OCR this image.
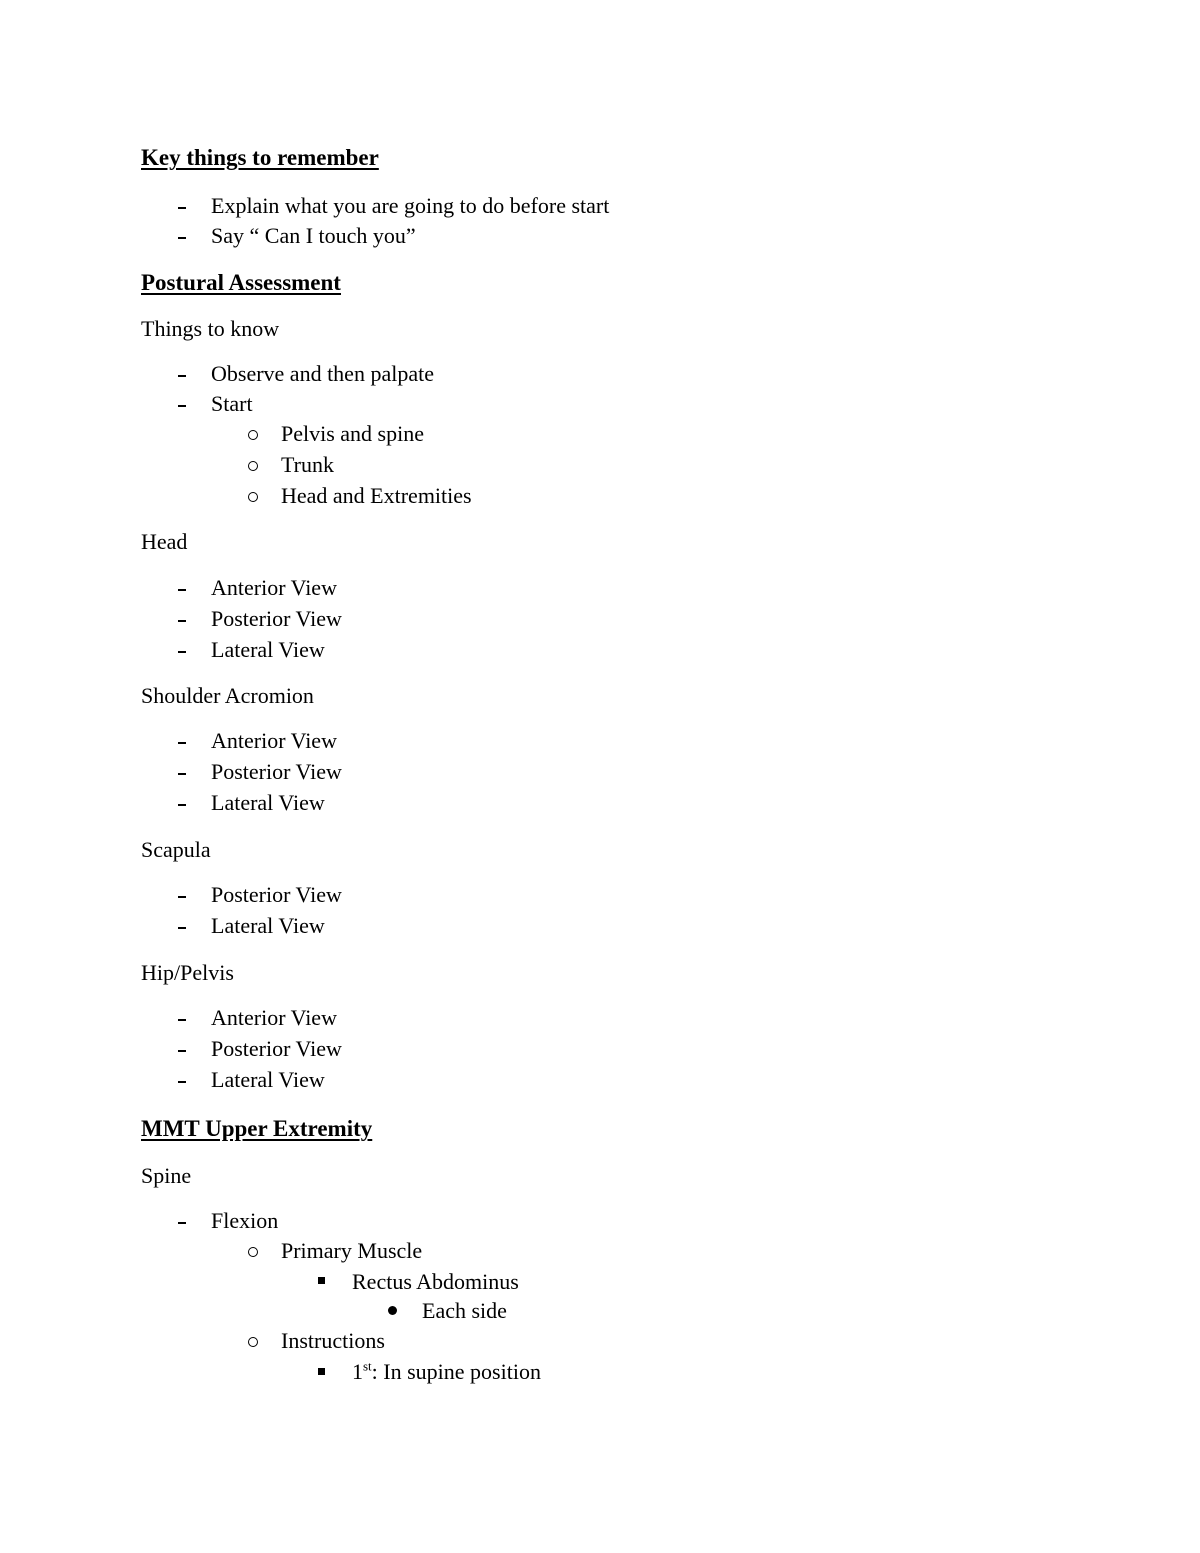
Key things to remember
Explain what you are going to do before start
Say “ Can I touch you”
Postural Assessment
Things to know
Observe and then palpate
Start
Pelvis and spine
Trunk
Head and Extremities
Head
Anterior View
Posterior View
Lateral View
Shoulder Acromion
Anterior View
Posterior View
Lateral View
Scapula
Posterior View
Lateral View
Hip/Pelvis
Anterior View
Posterior View
Lateral View
MMT Upper Extremity
Spine
Flexion
Primary Muscle
Rectus Abdominus
Each side
Instructions
1st: In supine position
